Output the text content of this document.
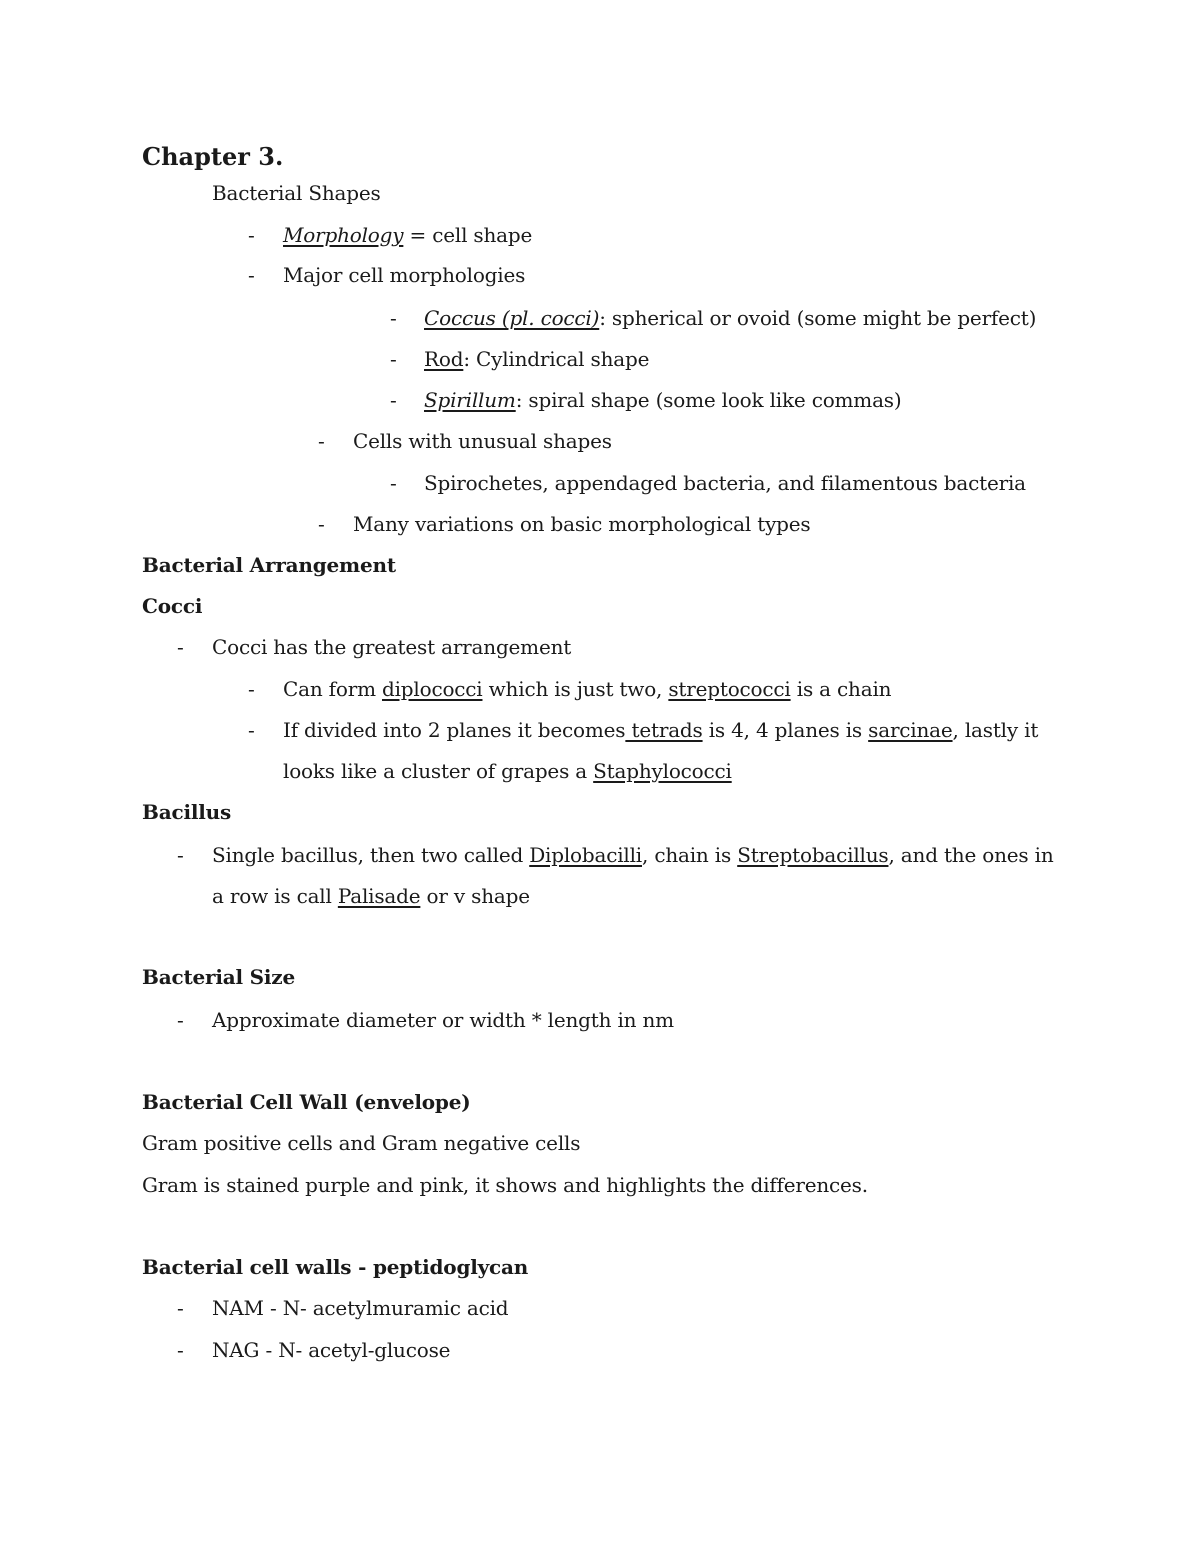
Chapter 3.
Bacterial Shapes
- Morphology = cell shape
- Major cell morphologies
- Coccus (pl. cocci): spherical or ovoid (some might be perfect)
- Rod: Cylindrical shape
- Spirillum: spiral shape (some look like commas)
- Cells with unusual shapes
- Spirochetes, appendaged bacteria, and filamentous bacteria
- Many variations on basic morphological types
Bacterial Arrangement
Cocci
- Cocci has the greatest arrangement
- Can form diplococci which is just two, streptococci is a chain
- If divided into 2 planes it becomes tetrads is 4, 4 planes is sarcinae, lastly it
looks like a cluster of grapes a Staphylococci
Bacillus
- Single bacillus, then two called Diplobacilli, chain is Streptobacillus, and the ones in
a row is call Palisade or v shape
Bacterial Size
- Approximate diameter or width * length in nm
Bacterial Cell Wall (envelope)
Gram positive cells and Gram negative cells
Gram is stained purple and pink, it shows and highlights the differences.
Bacterial cell walls - peptidoglycan
- NAM - N- acetylmuramic acid
- NAG - N- acetyl-glucose
